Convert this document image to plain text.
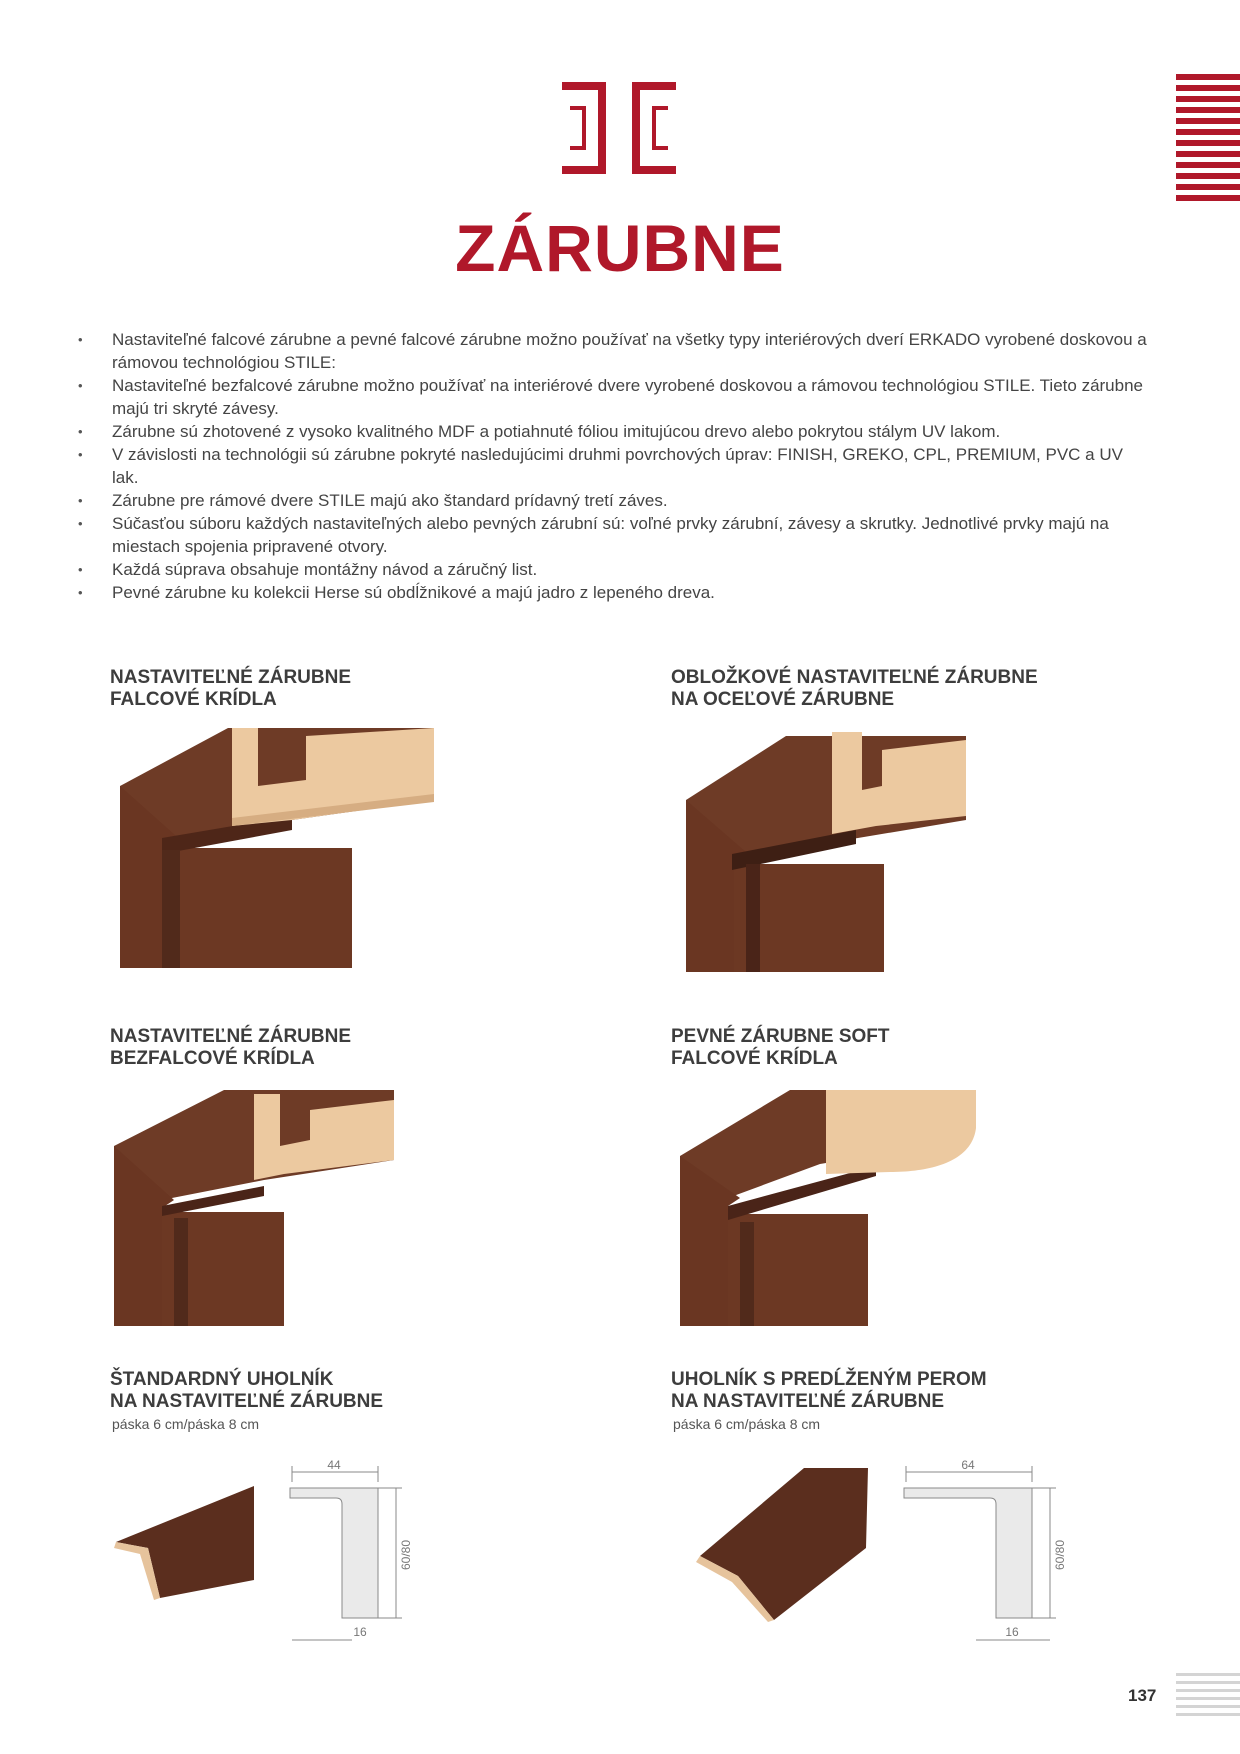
ZÁRUBNE
• Nastaviteľné falcové zárubne a pevné falcové zárubne možno používať na všetky typy interiérových dverí ERKADO vyrobené doskovou a rámovou technológiou STILE:
• Nastaviteľné bezfalcové zárubne možno používať na interiérové dvere vyrobené doskovou a rámovou technológiou STILE. Tieto zárubne majú tri skryté závesy.
• Zárubne sú zhotovené z vysoko kvalitného MDF a potiahnuté fóliou imitujúcou drevo alebo pokrytou stálym UV lakom.
• V závislosti na technológii sú zárubne pokryté nasledujúcimi druhmi povrchových úprav: FINISH, GREKO, CPL, PREMIUM, PVC a UV lak.
• Zárubne pre rámové dvere STILE majú ako štandard prídavný tretí záves.
• Súčasťou súboru každých nastaviteľných alebo pevných zárubní sú: voľné prvky zárubní, závesy a skrutky. Jednotlivé prvky majú na miestach spojenia pripravené otvory.
• Každá súprava obsahuje montážny návod a záručný list.
• Pevné zárubne ku kolekcii Herse sú obdĺžnikové a majú jadro z lepeného dreva.
NASTAVITEĽNÉ ZÁRUBNE
FALCOVÉ KRÍDLA
OBLOŽKOVÉ NASTAVITEĽNÉ ZÁRUBNE
NA OCEĽOVÉ ZÁRUBNE
NASTAVITEĽNÉ ZÁRUBNE
BEZFALCOVÉ KRÍDLA
PEVNÉ ZÁRUBNE SOFT
FALCOVÉ KRÍDLA
ŠTANDARDNÝ UHOLNÍK
NA NASTAVITEĽNÉ ZÁRUBNE
páska 6 cm/páska 8 cm
44
60/80
16
UHOLNÍK S PREDĹŽENÝM PEROM
NA NASTAVITEĽNÉ ZÁRUBNE
páska 6 cm/páska 8 cm
64
60/80
16
137
